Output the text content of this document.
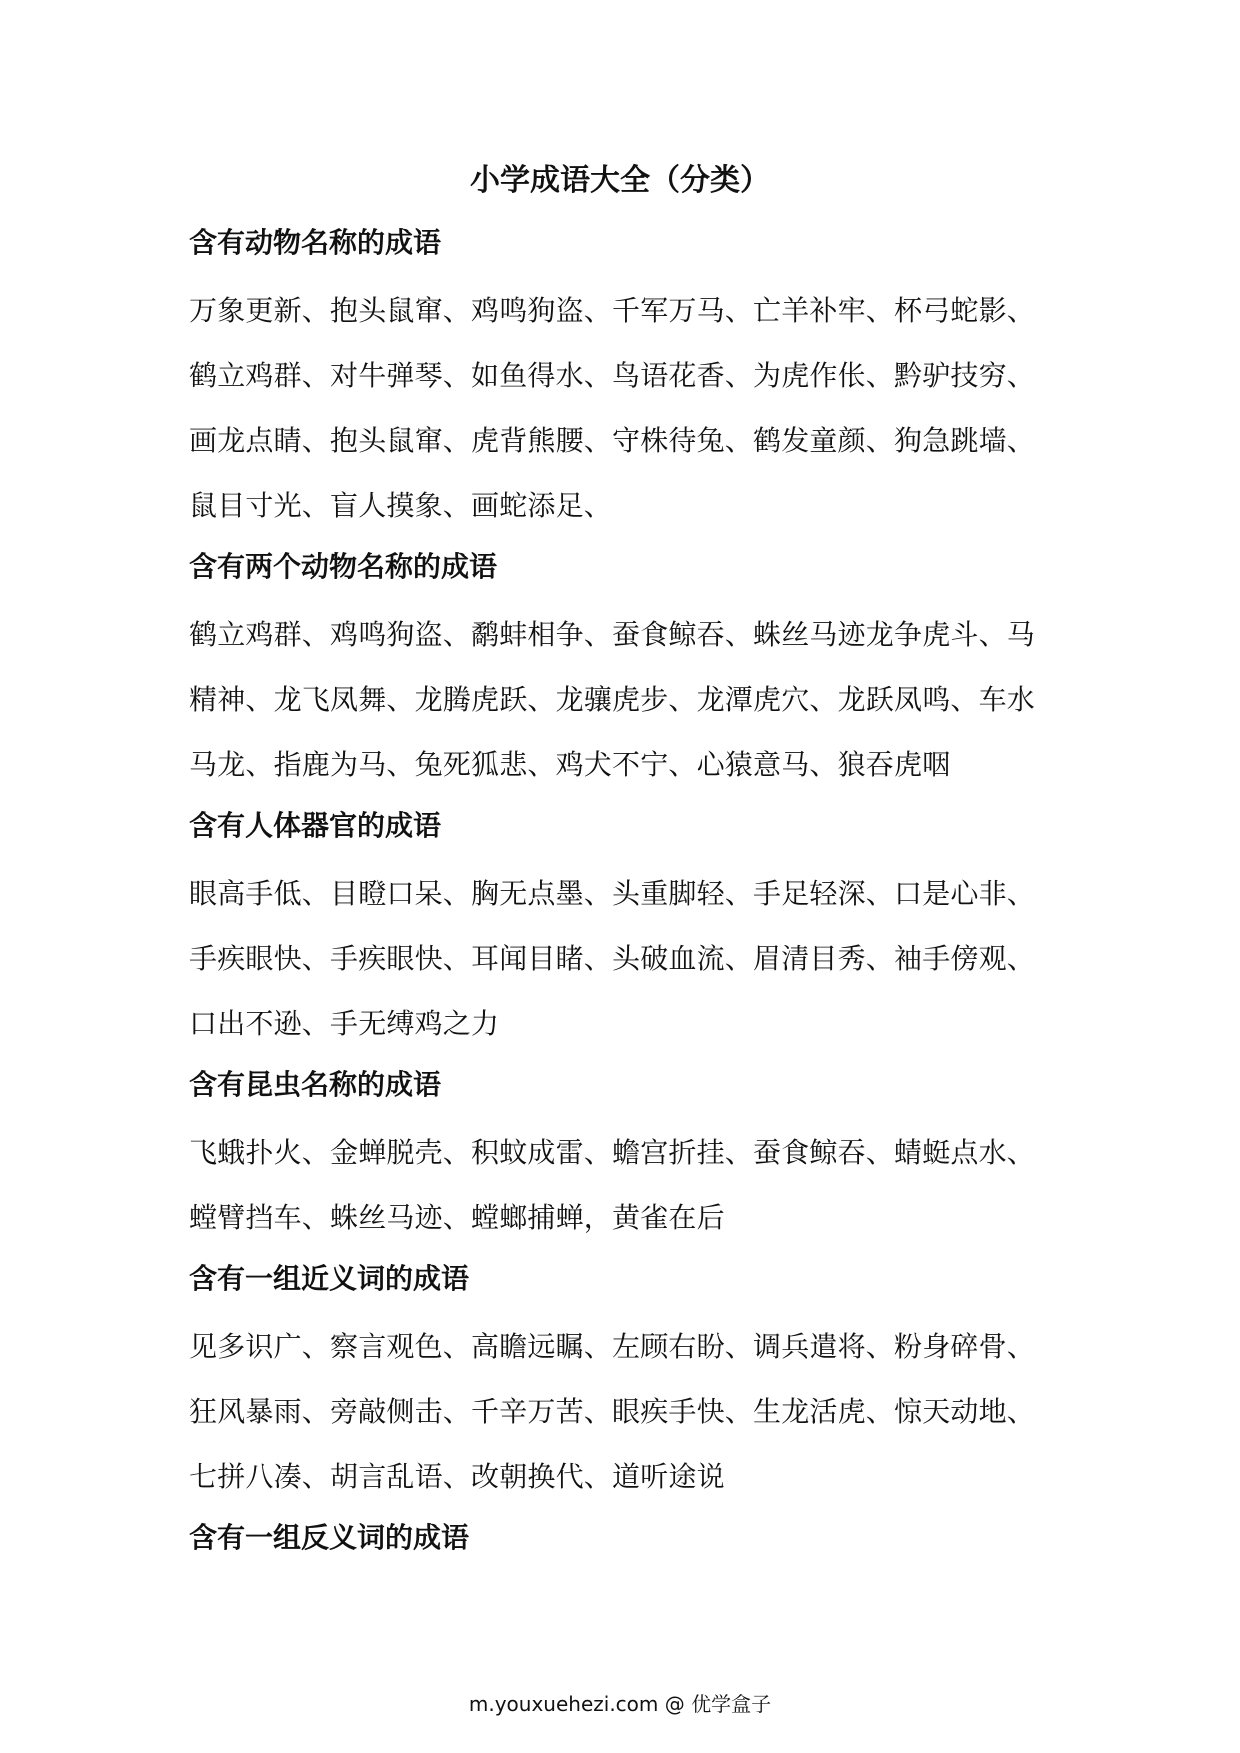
小学成语大全（分类）
含有动物名称的成语
万象更新、抱头鼠窜、鸡鸣狗盗、千军万马、亡羊补牢、杯弓蛇影、
鹤立鸡群、对牛弹琴、如鱼得水、鸟语花香、为虎作伥、黔驴技穷、
画龙点睛、抱头鼠窜、虎背熊腰、守株待兔、鹤发童颜、狗急跳墙、
鼠目寸光、盲人摸象、画蛇添足、
含有两个动物名称的成语
鹤立鸡群、鸡鸣狗盗、鹬蚌相争、蚕食鲸吞、蛛丝马迹龙争虎斗、马
精神、龙飞凤舞、龙腾虎跃、龙骧虎步、龙潭虎穴、龙跃凤鸣、车水
马龙、指鹿为马、兔死狐悲、鸡犬不宁、心猿意马、狼吞虎咽
含有人体器官的成语
眼高手低、目瞪口呆、胸无点墨、头重脚轻、手足轻深、口是心非、
手疾眼快、手疾眼快、耳闻目睹、头破血流、眉清目秀、袖手傍观、
口出不逊、手无缚鸡之力
含有昆虫名称的成语
飞蛾扑火、金蝉脱壳、积蚊成雷、蟾宫折挂、蚕食鲸吞、蜻蜓点水、
螳臂挡车、蛛丝马迹、螳螂捕蝉，黄雀在后
含有一组近义词的成语
见多识广、察言观色、高瞻远瞩、左顾右盼、调兵遣将、粉身碎骨、
狂风暴雨、旁敲侧击、千辛万苦、眼疾手快、生龙活虎、惊天动地、
七拼八凑、胡言乱语、改朝换代、道听途说
含有一组反义词的成语
m.youxuehezi.com @ 优学盒子
